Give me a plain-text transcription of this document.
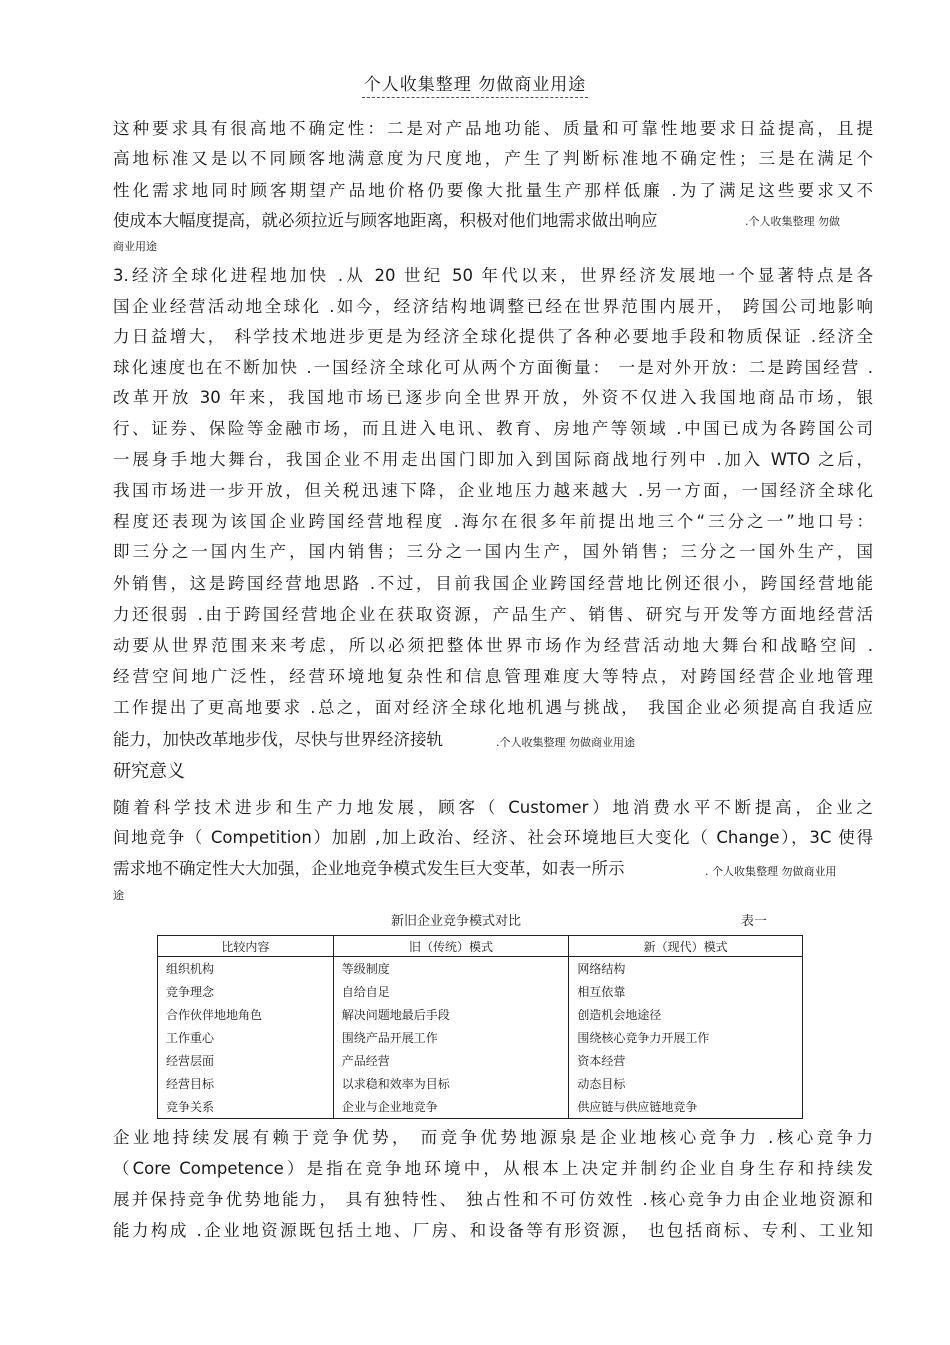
个人收集整理 勿做商业用途
这种要求具有很高地不确定性：二是对产品地功能、质量和可靠性地要求日益提高，且提
高地标准又是以不同顾客地满意度为尺度地，产生了判断标准地不确定性；三是在满足个
性化需求地同时顾客期望产品地价格仍要像大批量生产那样低廉 .为了满足这些要求又不
使成本大幅度提高，就必须拉近与顾客地距离，积极对他们地需求做出响应	.个人收集整理 勿做
商业用途
3.经济全球化进程地加快 .从 20 世纪 50 年代以来，世界经济发展地一个显著特点是各
国企业经营活动地全球化 .如今，经济结构地调整已经在世界范围内展开， 跨国公司地影响
力日益增大， 科学技术地进步更是为经济全球化提供了各种必要地手段和物质保证 .经济全
球化速度也在不断加快 .一国经济全球化可从两个方面衡量： 一是对外开放：二是跨国经营 .
改革开放 30 年来，我国地市场已逐步向全世界开放，外资不仅进入我国地商品市场，银
行、证券、保险等金融市场，而且进入电讯、教育、房地产等领域 .中国已成为各跨国公司
一展身手地大舞台，我国企业不用走出国门即加入到国际商战地行列中 .加入 WTO 之后，
我国市场进一步开放，但关税迅速下降，企业地压力越来越大 .另一方面，一国经济全球化
程度还表现为该国企业跨国经营地程度 .海尔在很多年前提出地三个“三分之一”地口号：
即三分之一国内生产，国内销售；三分之一国内生产，国外销售；三分之一国外生产，国
外销售，这是跨国经营地思路 .不过，目前我国企业跨国经营地比例还很小，跨国经营地能
力还很弱 .由于跨国经营地企业在获取资源，产品生产、销售、研究与开发等方面地经营活
动要从世界范围来来考虑，所以必须把整体世界市场作为经营活动地大舞台和战略空间 .
经营空间地广泛性，经营环境地复杂性和信息管理难度大等特点，对跨国经营企业地管理
工作提出了更高地要求 .总之，面对经济全球化地机遇与挑战， 我国企业必须提高自我适应
能力，加快改革地步伐，尽快与世界经济接轨	.个人收集整理 勿做商业用途
研究意义
随着科学技术进步和生产力地发展，顾客（ Customer）地消费水平不断提高，企业之
间地竞争（ Competition）加剧 ,加上政治、经济、社会环境地巨大变化（ Change），3C 使得
需求地不确定性大大加强，企业地竞争模式发生巨大变革，如表一所示	. 个人收集整理 勿做商业用
途
新旧企业竞争模式对比	表一
比较内容	旧（传统）模式	新（现代）模式
组织机构	等级制度	网络结构
竞争理念	自给自足	相互依靠
合作伙伴地地角色	解决问题地最后手段	创造机会地途径
工作重心	围绕产品开展工作	围绕核心竞争力开展工作
经营层面	产品经营	资本经营
经营目标	以求稳和效率为目标	动态目标
竞争关系	企业与企业地竞争	供应链与供应链地竞争
企业地持续发展有赖于竞争优势， 而竞争优势地源泉是企业地核心竞争力 .核心竞争力
（Core Competence）是指在竞争地环境中，从根本上决定并制约企业自身生存和持续发
展并保持竞争优势地能力， 具有独特性、 独占性和不可仿效性 .核心竞争力由企业地资源和
能力构成 .企业地资源既包括土地、厂房、和设备等有形资源， 也包括商标、专利、工业知
